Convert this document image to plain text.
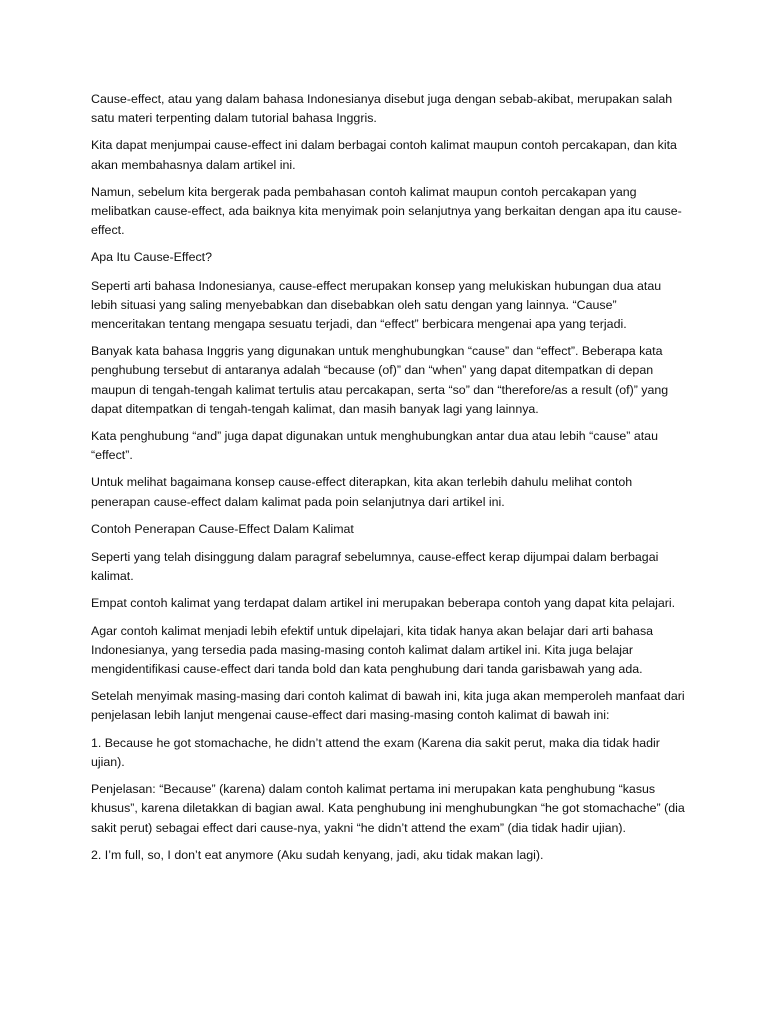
Cause-effect, atau yang dalam bahasa Indonesianya disebut juga dengan sebab-akibat, merupakan salah satu materi terpenting dalam tutorial bahasa Inggris.

Kita dapat menjumpai cause-effect ini dalam berbagai contoh kalimat maupun contoh percakapan, dan kita akan membahasnya dalam artikel ini.

Namun, sebelum kita bergerak pada pembahasan contoh kalimat maupun contoh percakapan yang melibatkan cause-effect, ada baiknya kita menyimak poin selanjutnya yang berkaitan dengan apa itu cause-effect.

Apa Itu Cause-Effect?

Seperti arti bahasa Indonesianya, cause-effect merupakan konsep yang melukiskan hubungan dua atau lebih situasi yang saling menyebabkan dan disebabkan oleh satu dengan yang lainnya. “Cause” menceritakan tentang mengapa sesuatu terjadi, dan “effect” berbicara mengenai apa yang terjadi.

Banyak kata bahasa Inggris yang digunakan untuk menghubungkan “cause” dan “effect”. Beberapa kata penghubung tersebut di antaranya adalah “because (of)” dan “when” yang dapat ditempatkan di depan maupun di tengah-tengah kalimat tertulis atau percakapan, serta “so” dan “therefore/as a result (of)” yang dapat ditempatkan di tengah-tengah kalimat, dan masih banyak lagi yang lainnya.

Kata penghubung “and” juga dapat digunakan untuk menghubungkan antar dua atau lebih “cause” atau “effect”.

Untuk melihat bagaimana konsep cause-effect diterapkan, kita akan terlebih dahulu melihat contoh penerapan cause-effect dalam kalimat pada poin selanjutnya dari artikel ini.

Contoh Penerapan Cause-Effect Dalam Kalimat

Seperti yang telah disinggung dalam paragraf sebelumnya, cause-effect kerap dijumpai dalam berbagai kalimat.

Empat contoh kalimat yang terdapat dalam artikel ini merupakan beberapa contoh yang dapat kita pelajari.

Agar contoh kalimat menjadi lebih efektif untuk dipelajari, kita tidak hanya akan belajar dari arti bahasa Indonesianya, yang tersedia pada masing-masing contoh kalimat dalam artikel ini. Kita juga belajar mengidentifikasi cause-effect dari tanda bold dan kata penghubung dari tanda garisbawah yang ada.

Setelah menyimak masing-masing dari contoh kalimat di bawah ini, kita juga akan memperoleh manfaat dari penjelasan lebih lanjut mengenai cause-effect dari masing-masing contoh kalimat di bawah ini:

1. Because he got stomachache, he didn’t attend the exam (Karena dia sakit perut, maka dia tidak hadir ujian).

Penjelasan: “Because” (karena) dalam contoh kalimat pertama ini merupakan kata penghubung “kasus khusus”, karena diletakkan di bagian awal. Kata penghubung ini menghubungkan “he got stomachache” (dia sakit perut) sebagai effect dari cause-nya, yakni “he didn’t attend the exam” (dia tidak hadir ujian).

2. I’m full, so, I don’t eat anymore (Aku sudah kenyang, jadi, aku tidak makan lagi).
